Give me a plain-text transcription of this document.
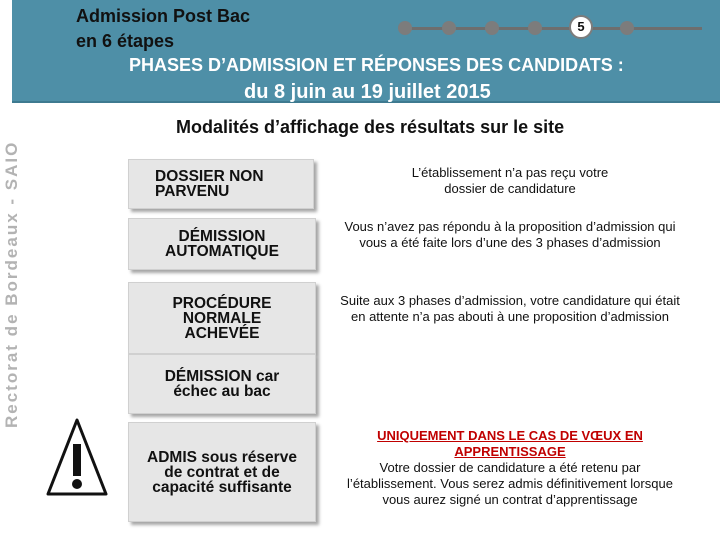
Admission Post Bac
en 6 étapes
PHASES D’ADMISSION ET RÉPONSES DES CANDIDATS :
du 8 juin au 19 juillet 2015
5
Rectorat de Bordeaux - SAIO
Modalités d’affichage des résultats sur le site
DOSSIER NON PARVENU
L’établissement n’a pas reçu votre dossier de candidature
DÉMISSION AUTOMATIQUE
Vous n’avez pas répondu à la proposition d’admission qui vous a été faite lors d’une des 3 phases d’admission
PROCÉDURE NORMALE ACHEVÉE
Suite aux 3 phases d’admission, votre candidature qui était en attente n’a pas abouti à une proposition d’admission
DÉMISSION car échec au bac
ADMIS sous réserve de contrat et de capacité suffisante
UNIQUEMENT DANS LE CAS DE VŒUX EN APPRENTISSAGE
Votre dossier de candidature a été retenu par l’établissement. Vous serez admis définitivement lorsque vous aurez signé un contrat d’apprentissage
